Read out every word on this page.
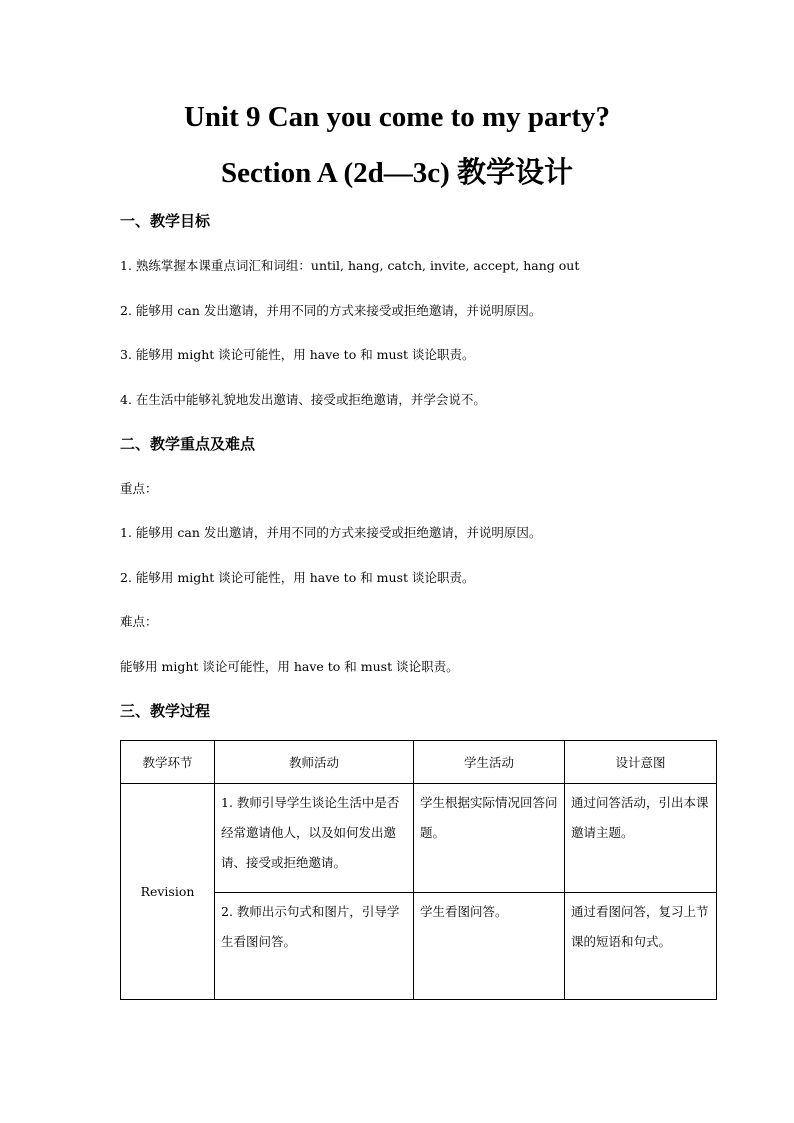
Unit 9 Can you come to my party?
Section A (2d—3c) 教学设计
一、教学目标

1. 熟练掌握本课重点词汇和词组：until, hang, catch, invite, accept, hang out

2. 能够用 can 发出邀请，并用不同的方式来接受或拒绝邀请，并说明原因。

3. 能够用 might 谈论可能性，用 have to 和 must 谈论职责。

4. 在生活中能够礼貌地发出邀请、接受或拒绝邀请，并学会说不。

二、教学重点及难点

重点：

1. 能够用 can 发出邀请，并用不同的方式来接受或拒绝邀请，并说明原因。

2. 能够用 might 谈论可能性，用 have to 和 must 谈论职责。

难点：

能够用 might 谈论可能性，用 have to 和 must 谈论职责。

三、教学过程
教学环节	教师活动	学生活动	设计意图
Revision	1. 教师引导学生谈论生活中是否经常邀请他人，以及如何发出邀请、接受或拒绝邀请。	学生根据实际情况回答问题。	通过问答活动，引出本课邀请主题。
	2. 教师出示句式和图片，引导学生看图问答。	学生看图问答。	通过看图问答，复习上节课的短语和句式。
